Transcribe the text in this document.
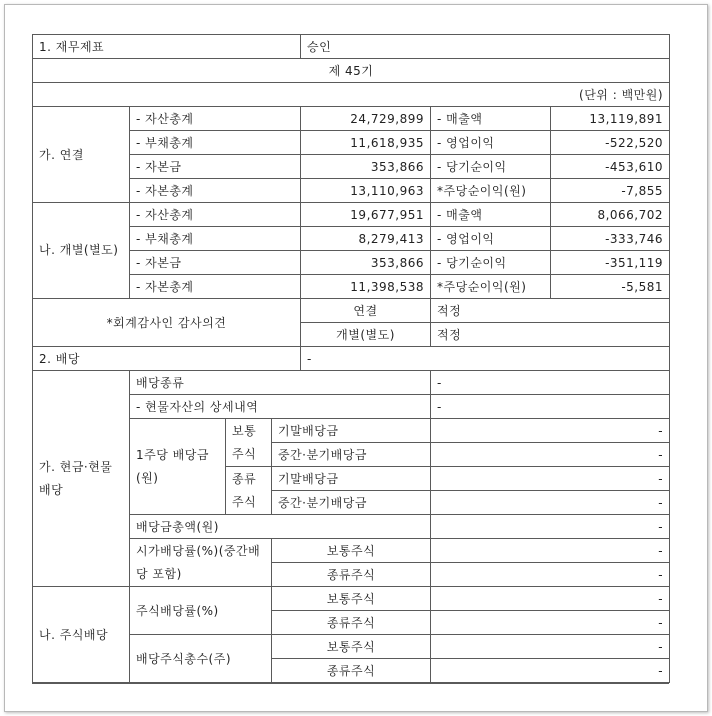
1. 재무제표				승인		
제 45기						
(단위 : 백만원)						
가. 연결	- 자산총계			24,729,899	- 매출액	13,119,891
	- 부채총계			11,618,935	- 영업이익	-522,520
	- 자본금			353,866	- 당기순이익	-453,610
	- 자본총계			13,110,963	*주당순이익(원)	-7,855
나. 개별(별도)	- 자산총계			19,677,951	- 매출액	8,066,702
	- 부채총계			8,279,413	- 영업이익	-333,746
	- 자본금			353,866	- 당기순이익	-351,119
	- 자본총계			11,398,538	*주당순이익(원)	-5,581
*회계감사인 감사의견				연결	적정	
				개별(별도)	적정	
2. 배당				-		
가. 현금·현물배당	배당종류				-	
	- 현물자산의 상세내역				-	
	1주당 배당금(원)	보통주식	기말배당금		-	
			중간·분기배당금		-	
		종류주식	기말배당금		-	
			중간·분기배당금		-	
	배당금총액(원)				-	
	시가배당률(%)(중간배당 포함)		보통주식		-	
			종류주식		-	
나. 주식배당	주식배당률(%)		보통주식		-	
			종류주식		-	
	배당주식총수(주)		보통주식		-	
			종류주식		-	
